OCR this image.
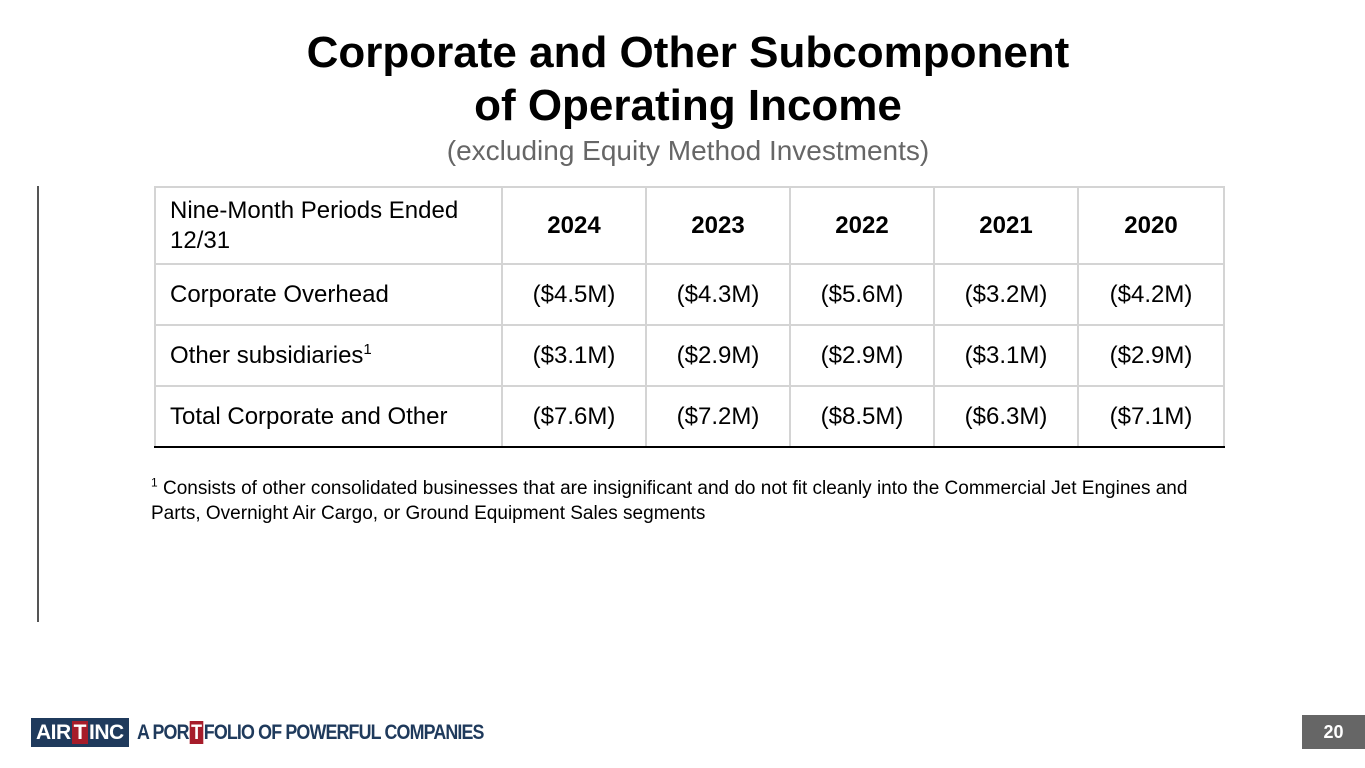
Corporate and Other Subcomponent
of Operating Income
(excluding Equity Method Investments)
Nine-Month Periods Ended 12/31	2024	2023	2022	2021	2020
Corporate Overhead	($4.5M)	($4.3M)	($5.6M)	($3.2M)	($4.2M)
Other subsidiaries$^1$	($3.1M)	($2.9M)	($2.9M)	($3.1M)	($2.9M)
Total Corporate and Other	($7.6M)	($7.2M)	($8.5M)	($6.3M)	($7.1M)
$^1$ Consists of other consolidated businesses that are insignificant and do not fit cleanly into the Commercial Jet Engines and Parts, Overnight Air Cargo, or Ground Equipment Sales segments
AIR T INC A POR T FOLIO OF POWERFUL COMPANIES	20
